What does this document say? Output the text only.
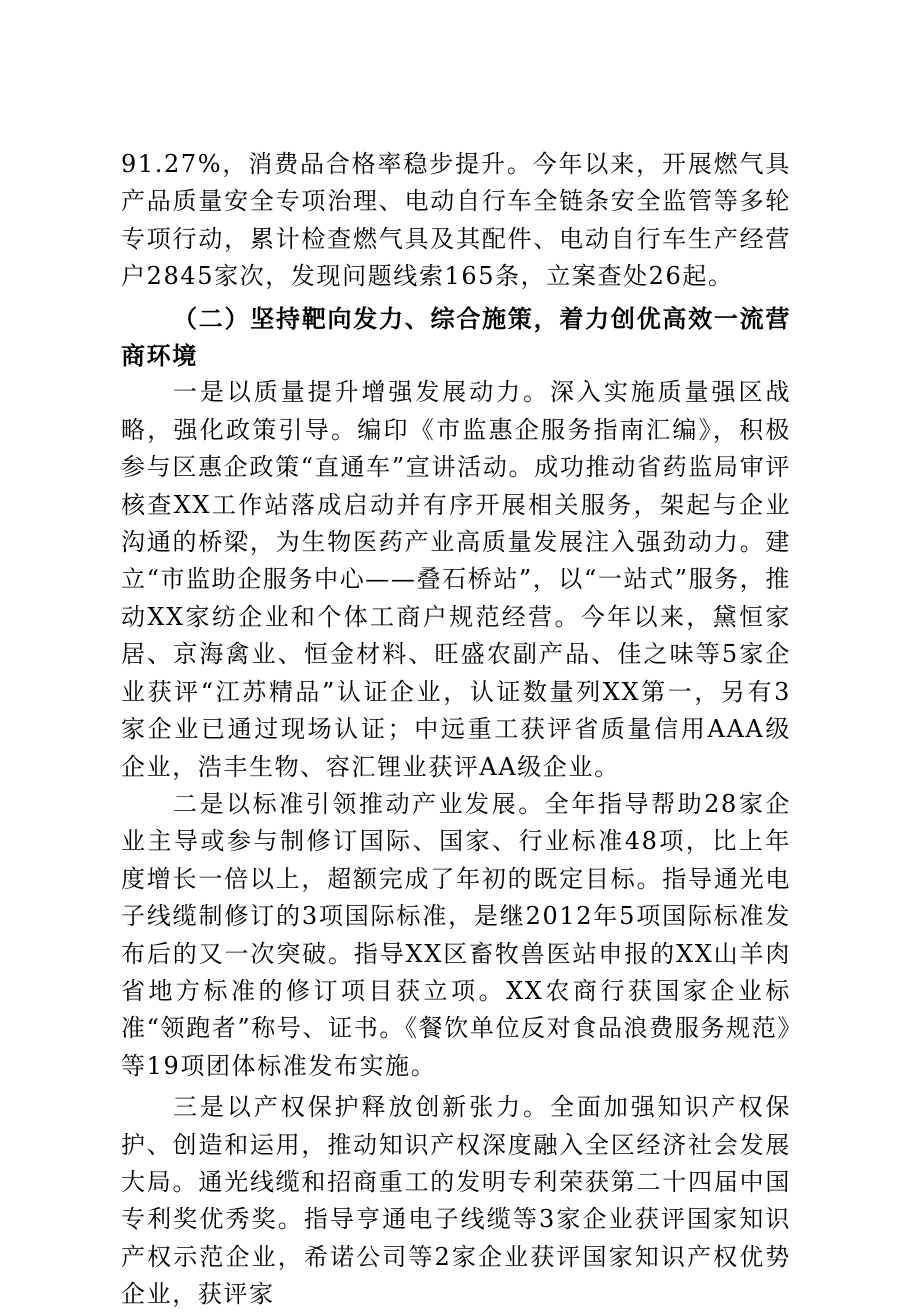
91.27%，消费品合格率稳步提升。今年以来，开展燃气具产品质量安全专项治理、电动自行车全链条安全监管等多轮专项行动，累计检查燃气具及其配件、电动自行车生产经营户2845家次，发现问题线索165条，立案查处26起。

（二）坚持靶向发力、综合施策，着力创优高效一流营商环境

一是以质量提升增强发展动力。深入实施质量强区战略，强化政策引导。编印《市监惠企服务指南汇编》，积极参与区惠企政策“直通车”宣讲活动。成功推动省药监局审评核查XX工作站落成启动并有序开展相关服务，架起与企业沟通的桥梁，为生物医药产业高质量发展注入强劲动力。建立“市监助企服务中心——叠石桥站”，以“一站式”服务，推动XX家纺企业和个体工商户规范经营。今年以来，黛恒家居、京海禽业、恒金材料、旺盛农副产品、佳之味等5家企业获评“江苏精品”认证企业，认证数量列XX第一，另有3家企业已通过现场认证；中远重工获评省质量信用AAA级企业，浩丰生物、容汇锂业获评AA级企业。

二是以标准引领推动产业发展。全年指导帮助28家企业主导或参与制修订国际、国家、行业标准48项，比上年度增长一倍以上，超额完成了年初的既定目标。指导通光电子线缆制修订的3项国际标准，是继2012年5项国际标准发布后的又一次突破。指导XX区畜牧兽医站申报的XX山羊肉省地方标准的修订项目获立项。XX农商行获国家企业标准“领跑者”称号、证书。《餐饮单位反对食品浪费服务规范》等19项团体标准发布实施。

三是以产权保护释放创新张力。全面加强知识产权保护、创造和运用，推动知识产权深度融入全区经济社会发展大局。通光线缆和招商重工的发明专利荣获第二十四届中国专利奖优秀奖。指导亨通电子线缆等3家企业获评国家知识产权示范企业，希诺公司等2家企业获评国家知识产权优势企业，获评家
